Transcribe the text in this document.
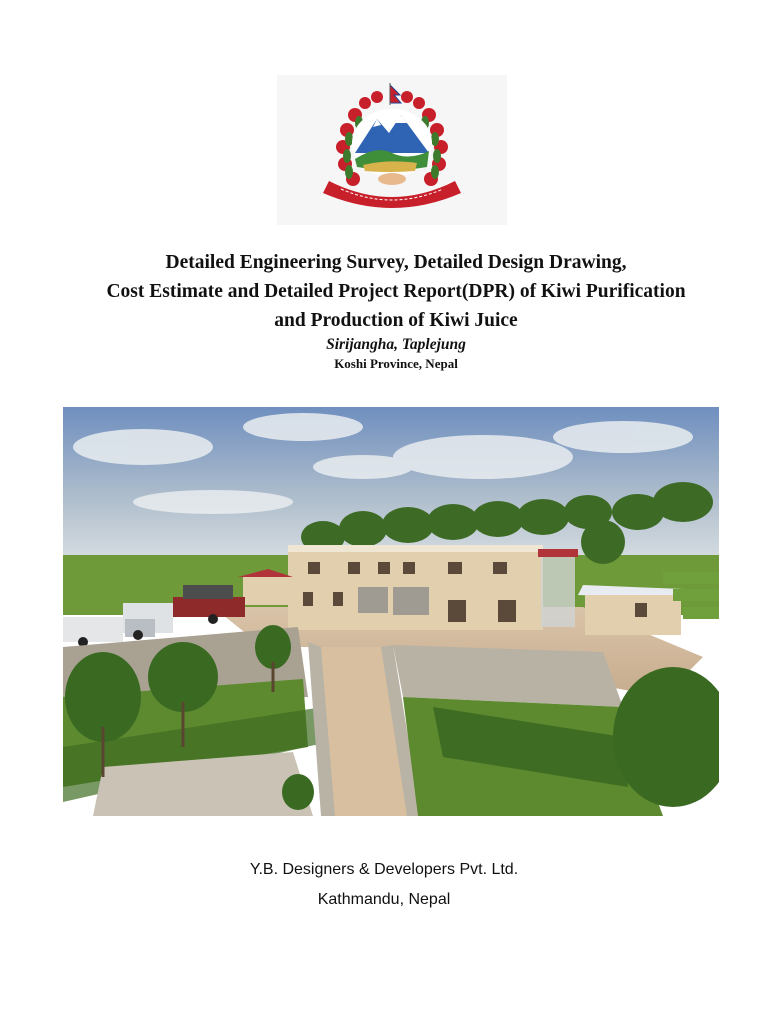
Detailed Engineering Survey, Detailed Design Drawing,
Cost Estimate and Detailed Project Report(DPR) of Kiwi Purification
and Production of Kiwi Juice
Sirijangha, Taplejung
Koshi Province, Nepal
Y.B. Designers & Developers Pvt. Ltd.
Kathmandu, Nepal
